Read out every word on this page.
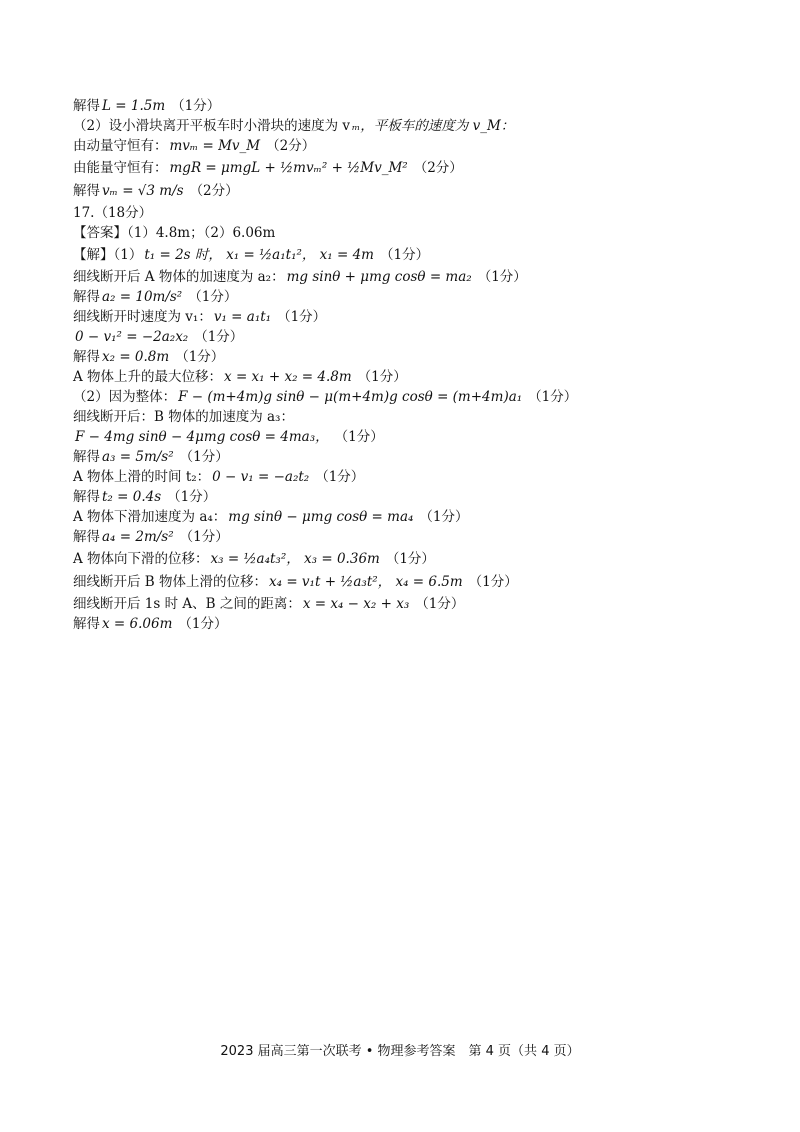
解得 L = 1.5m （1分）
（2）设小滑块离开平板车时小滑块的速度为 v ₘ，平板车的速度为 v_M：
由动量守恒有： mvₘ = Mv_M （2分）
由能量守恒有： mgR = μmgL + ½mvₘ² + ½Mv_M² （2分）
解得 vₘ = √3 m/s （2分）
17.（18分）
【答案】（1）4.8m；（2）6.06m
【解】（1） t₁ = 2s 时， x₁ = ½a₁t₁²， x₁ = 4m （1分）
细线断开后 A 物体的加速度为 a₂： mg sinθ + μmg cosθ = ma₂ （1分）
解得 a₂ = 10m/s² （1分）
细线断开时速度为 v₁： v₁ = a₁t₁ （1分）
0 − v₁² = −2a₂x₂ （1分）
解得 x₂ = 0.8m （1分）
A 物体上升的最大位移： x = x₁ + x₂ = 4.8m （1分）
（2）因为整体： F − (m+4m)g sinθ − μ(m+4m)g cosθ = (m+4m)a₁ （1分）
细线断开后：B 物体的加速度为 a₃：
F − 4mg sinθ − 4μmg cosθ = 4ma₃， （1分）
解得 a₃ = 5m/s² （1分）
A 物体上滑的时间 t₂： 0 − v₁ = −a₂t₂ （1分）
解得 t₂ = 0.4s （1分）
A 物体下滑加速度为 a₄： mg sinθ − μmg cosθ = ma₄ （1分）
解得 a₄ = 2m/s² （1分）
A 物体向下滑的位移： x₃ = ½a₄t₃²， x₃ = 0.36m （1分）
细线断开后 B 物体上滑的位移： x₄ = v₁t + ½a₃t²， x₄ = 6.5m （1分）
细线断开后 1s 时 A、B 之间的距离： x = x₄ − x₂ + x₃ （1分）
解得 x = 6.06m （1分）
2023 届高三第一次联考 • 物理参考答案　第 4 页（共 4 页）
